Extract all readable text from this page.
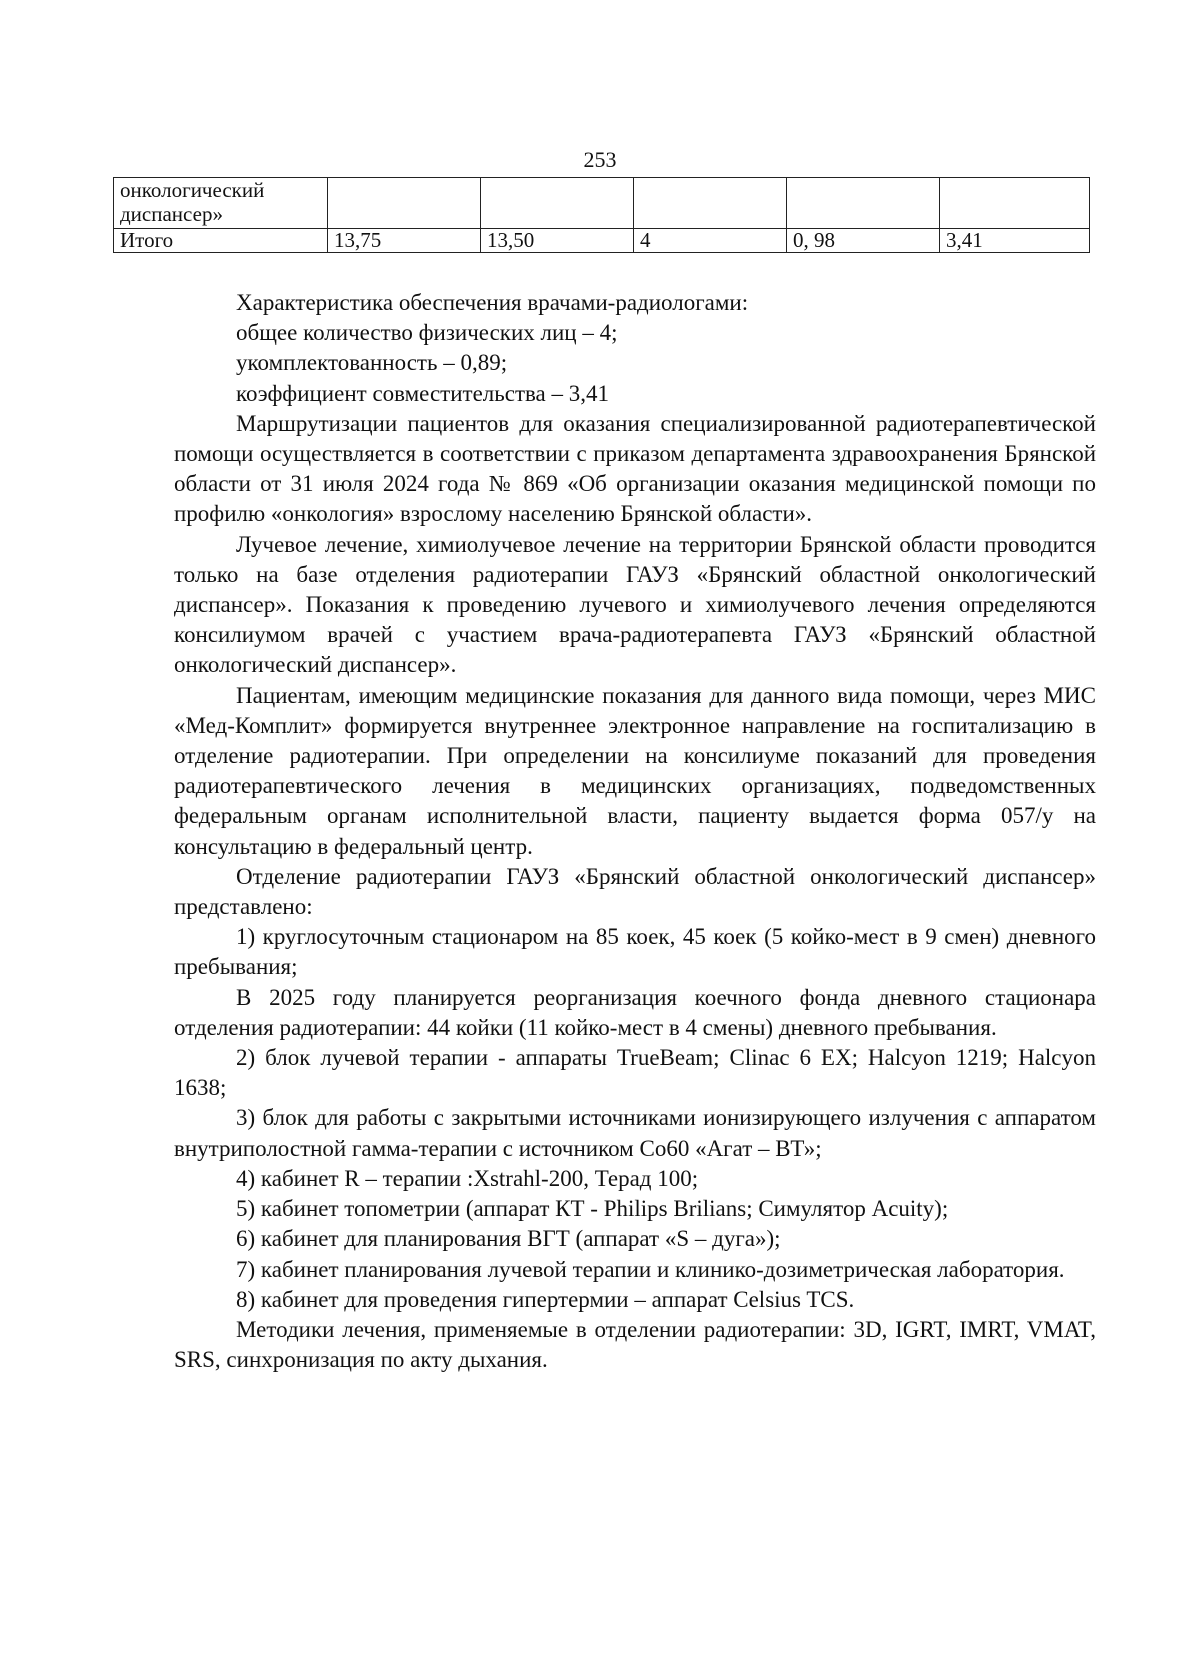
253
онкологический диспансер»					
Итого	13,75	13,50	4	0, 98	3,41

Характеристика обеспечения врачами-радиологами:

общее количество физических лиц – 4;

укомплектованность – 0,89;

коэффициент совместительства – 3,41

Маршрутизации пациентов для оказания специализированной радиотерапевтической помощи осуществляется в соответствии с приказом департамента здравоохранения Брянской области от 31 июля 2024 года № 869 «Об организации оказания медицинской помощи по профилю «онкология» взрослому населению Брянской области».

Лучевое лечение, химиолучевое лечение на территории Брянской области проводится только на базе отделения радиотерапии ГАУЗ «Брянский областной онкологический диспансер». Показания к проведению лучевого и химиолучевого лечения определяются консилиумом врачей с участием врача-радиотерапевта ГАУЗ «Брянский областной онкологический диспансер».

Пациентам, имеющим медицинские показания для данного вида помощи, через МИС «Мед-Комплит» формируется внутреннее электронное направление на госпитализацию в отделение радиотерапии. При определении на консилиуме показаний для проведения радиотерапевтического лечения в медицинских организациях, подведомственных федеральным органам исполнительной власти, пациенту выдается форма 057/у на консультацию в федеральный центр.

Отделение радиотерапии ГАУЗ «Брянский областной онкологический диспансер» представлено:

1) круглосуточным стационаром на 85 коек, 45 коек (5 койко-мест в 9 смен) дневного пребывания;

В 2025 году планируется реорганизация коечного фонда дневного стационара отделения радиотерапии: 44 койки (11 койко-мест в 4 смены) дневного пребывания.

2) блок лучевой терапии - аппараты TrueBeam; Clinac 6 EX; Halcyon 1219; Halcyon 1638;

3) блок для работы с закрытыми источниками ионизирующего излучения с аппаратом внутриполостной гамма-терапии с источником Со60 «Агат – ВТ»;

4) кабинет R – терапии :Xstrahl-200, Терад 100;

5) кабинет топометрии (аппарат КТ - Philips Brilians; Симулятор Acuity);

6) кабинет для планирования ВГТ (аппарат «S – дуга»);

7) кабинет планирования лучевой терапии и клинико-дозиметрическая лаборатория.

8) кабинет для проведения гипертермии – аппарат Celsius TCS.

Методики лечения, применяемые в отделении радиотерапии: 3D, IGRT, IMRT, VMAT, SRS, синхронизация по акту дыхания.
